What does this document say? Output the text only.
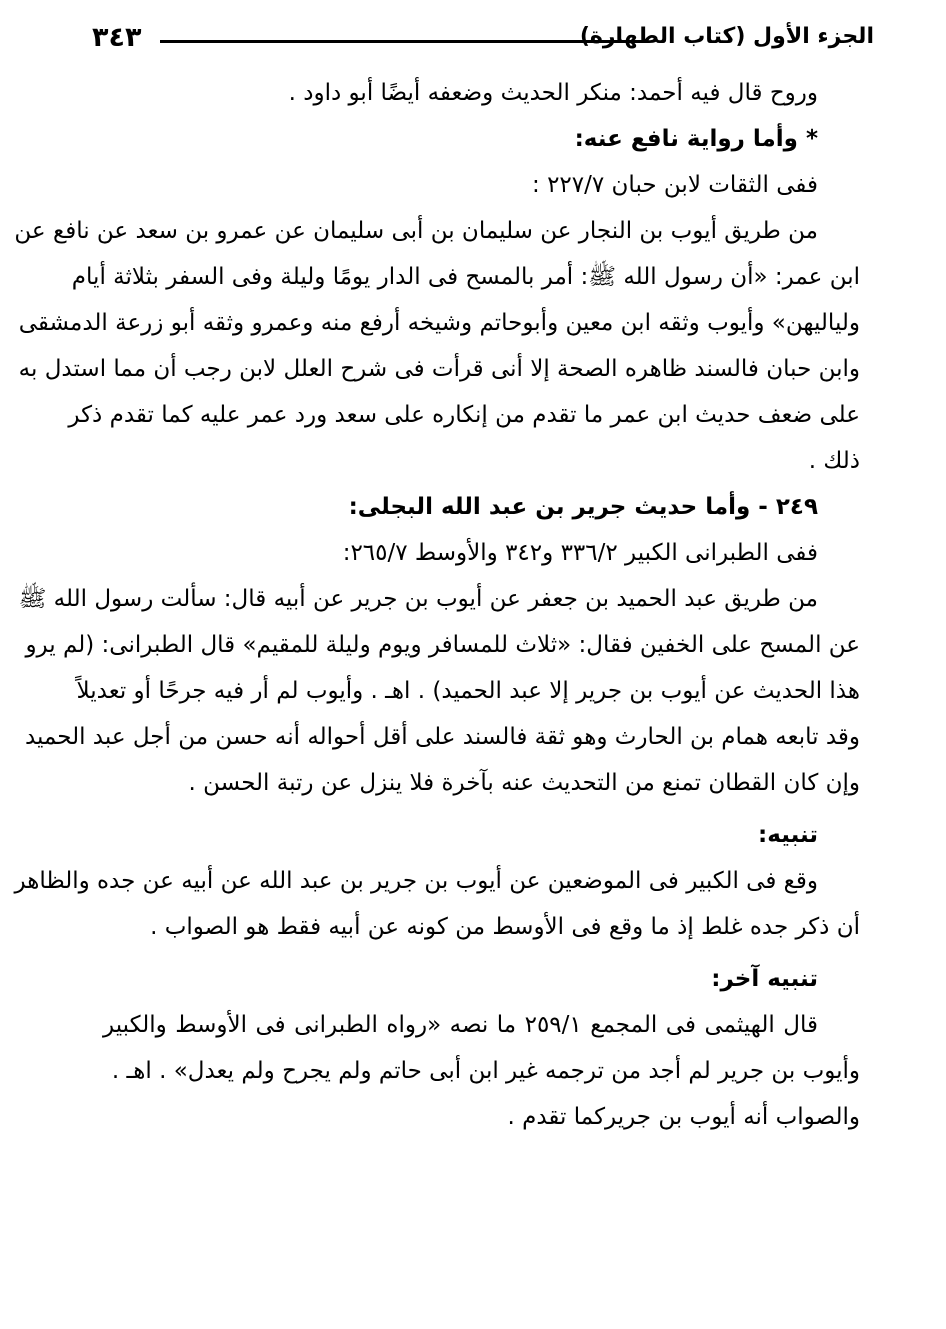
٣٤٣	الجزء الأول (كتاب الطهارة)
وروح قال فيه أحمد: منكر الحديث وضعفه أيضًا أبو داود .
* وأما رواية نافع عنه:
ففى الثقات لابن حبان ٢٢٧/٧ :
من طريق أيوب بن النجار عن سليمان بن أبى سليمان عن عمرو بن سعد عن نافع عن
ابن عمر: «أن رسول الله ﷺ: أمر بالمسح فى الدار يومًا وليلة وفى السفر بثلاثة أيام
ولياليهن» وأيوب وثقه ابن معين وأبوحاتم وشيخه أرفع منه وعمرو وثقه أبو زرعة الدمشقى
وابن حبان فالسند ظاهره الصحة إلا أنى قرأت فى شرح العلل لابن رجب أن مما استدل به
على ضعف حديث ابن عمر ما تقدم من إنكاره على سعد ورد عمر عليه كما تقدم ذكر
ذلك .
٢٤٩ - وأما حديث جرير بن عبد الله البجلى:
ففى الطبرانى الكبير ٣٣٦/٢ و٣٤٢ والأوسط ٢٦٥/٧:
من طريق عبد الحميد بن جعفر عن أيوب بن جرير عن أبيه قال: سألت رسول الله ﷺ
عن المسح على الخفين فقال: «ثلاث للمسافر ويوم وليلة للمقيم» قال الطبرانى: (لم يرو
هذا الحديث عن أيوب بن جرير إلا عبد الحميد) . اهـ . وأيوب لم أر فيه جرحًا أو تعديلاً
وقد تابعه همام بن الحارث وهو ثقة فالسند على أقل أحواله أنه حسن من أجل عبد الحميد
وإن كان القطان تمنع من التحديث عنه بآخرة فلا ينزل عن رتبة الحسن .
تنبيه:
وقع فى الكبير فى الموضعين عن أيوب بن جرير بن عبد الله عن أبيه عن جده والظاهر
أن ذكر جده غلط إذ ما وقع فى الأوسط من كونه عن أبيه فقط هو الصواب .
تنبيه آخر:
قال الهيثمى فى المجمع ٢٥٩/١ ما نصه «رواه الطبرانى فى الأوسط والكبير
وأيوب بن جرير لم أجد من ترجمه غير ابن أبى حاتم ولم يجرح ولم يعدل» . اهـ .
والصواب أنه أيوب بن جريركما تقدم .
